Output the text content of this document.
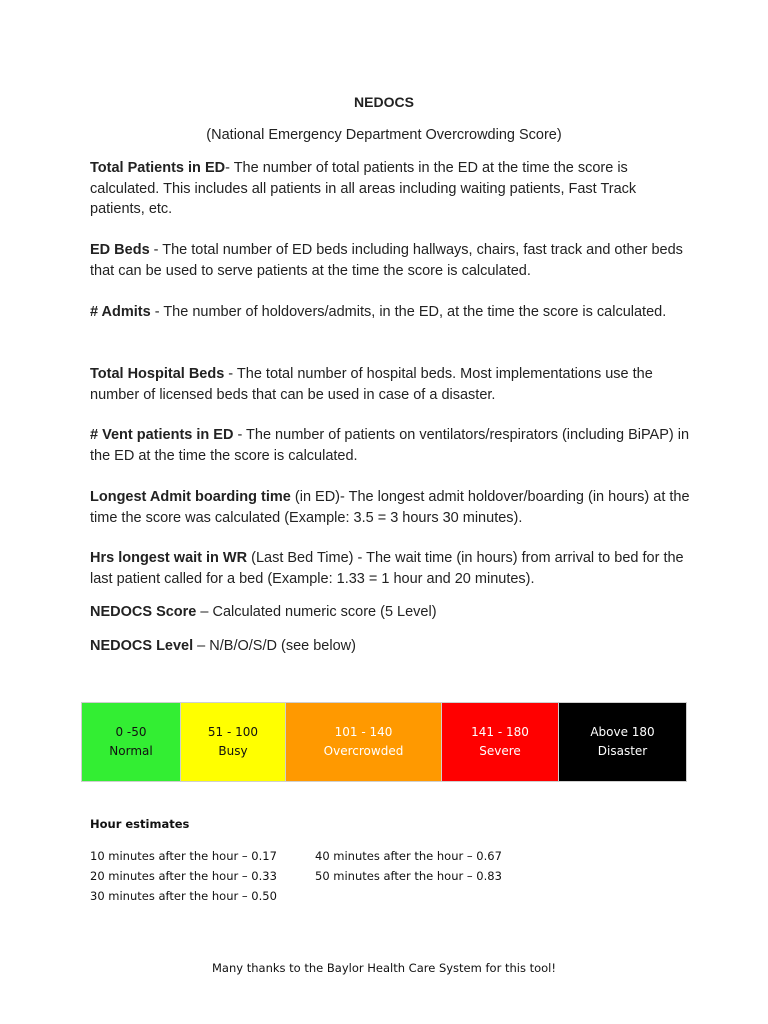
NEDOCS
(National Emergency Department Overcrowding Score)
Total Patients in ED- The number of total patients in the ED at the time the score is calculated. This includes all patients in all areas including waiting patients, Fast Track patients, etc.
ED Beds - The total number of ED beds including hallways, chairs, fast track and other beds that can be used to serve patients at the time the score is calculated.
# Admits - The number of holdovers/admits, in the ED, at the time the score is calculated.
Total Hospital Beds - The total number of hospital beds. Most implementations use the number of licensed beds that can be used in case of a disaster.
# Vent patients in ED - The number of patients on ventilators/respirators (including BiPAP) in the ED at the time the score is calculated.
Longest Admit boarding time (in ED)- The longest admit holdover/boarding (in hours) at the time the score was calculated (Example: 3.5 = 3 hours 30 minutes).
Hrs longest wait in WR (Last Bed Time) - The wait time (in hours) from arrival to bed for the last patient called for a bed (Example: 1.33 = 1 hour and 20 minutes).
NEDOCS Score – Calculated numeric score (5 Level)
NEDOCS Level – N/B/O/S/D (see below)
0 -50
Normal
51 - 100
Busy
101 - 140
Overcrowded
141 - 180
Severe
Above 180
Disaster
Hour estimates
10 minutes after the hour – 0.17
20 minutes after the hour – 0.33
30 minutes after the hour – 0.50
40 minutes after the hour – 0.67
50 minutes after the hour – 0.83
Many thanks to the Baylor Health Care System for this tool!
